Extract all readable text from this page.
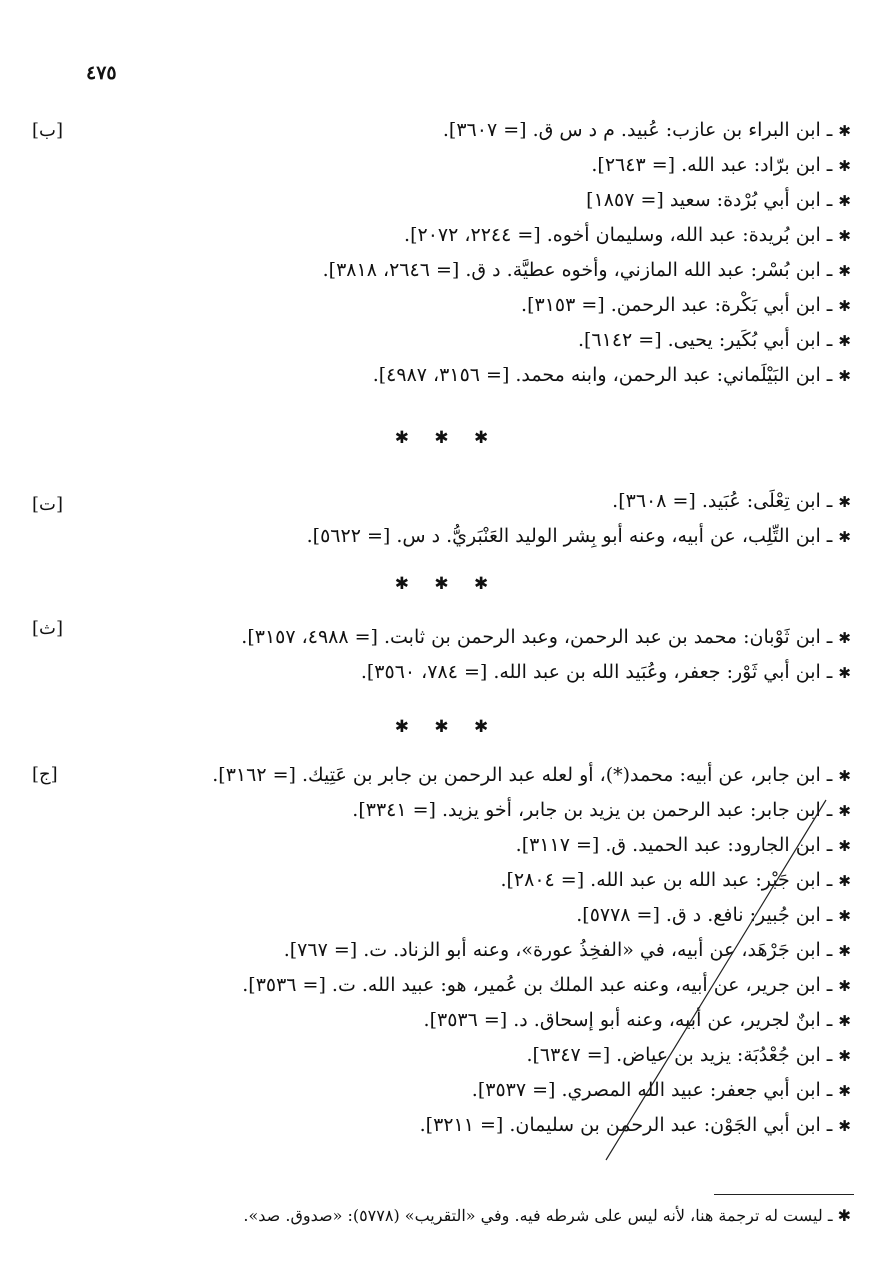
٤٧٥
[ب]	✱ ـ ابن البراء بن عازب: عُبيد. م د س ق. [= ٣٦٠٧].
✱ ـ ابن برّاد: عبد الله. [= ٢٦٤٣].
✱ ـ ابن أبي بُرْدة: سعيد [= ١٨٥٧]
✱ ـ ابن بُريدة: عبد الله، وسليمان أخوه. [= ٢٢٤٤، ٢٠٧٢].
✱ ـ ابن بُسْر: عبد الله المازني، وأخوه عطيَّة. د ق. [= ٢٦٤٦، ٣٨١٨].
✱ ـ ابن أبي بَكْرة: عبد الرحمن. [= ٣١٥٣].
✱ ـ ابن أبي بُكَير: يحيى. [= ٦١٤٢].
✱ ـ ابن البَيْلَماني: عبد الرحمن، وابنه محمد. [= ٣١٥٦، ٤٩٨٧].
✱ ✱ ✱
[ت]	✱ ـ ابن تِعْلَى: عُبَيد. [= ٣٦٠٨].
✱ ـ ابن التِّلِب، عن أبيه، وعنه أبو بِشر الوليد العَنْبَريُّ. د س. [= ٥٦٢٢].
✱ ✱ ✱
[ث]	✱ ـ ابن ثَوْبان: محمد بن عبد الرحمن، وعبد الرحمن بن ثابت. [= ٤٩٨٨، ٣١٥٧].
✱ ـ ابن أبي ثَوْر: جعفر، وعُبَيد الله بن عبد الله. [= ٧٨٤، ٣٥٦٠].
✱ ✱ ✱
[ج]	✱ ـ ابن جابر، عن أبيه: محمد(*)، أو لعله عبد الرحمن بن جابر بن عَتِيك. [= ٣١٦٢].
✱ ـ ابن جابر: عبد الرحمن بن يزيد بن جابر، أخو يزيد. [= ٣٣٤١].
✱ ـ ابن الجارود: عبد الحميد. ق. [= ٣١١٧].
✱ ـ ابن جَبْر: عبد الله بن عبد الله. [= ٢٨٠٤].
✱ ـ ابن جُبير: نافع. د ق. [= ٥٧٧٨].
✱ ـ ابن جَرْهَد، عن أبيه، في «الفخِذُ عورة»، وعنه أبو الزناد. ت. [= ٧٦٧].
✱ ـ ابن جرير، عن أبيه، وعنه عبد الملك بن عُمير، هو: عبيد الله. ت. [= ٣٥٣٦].
✱ ـ ابنٌ لجرير، عن أبيه، وعنه أبو إسحاق. د. [= ٣٥٣٦].
✱ ـ ابن جُعْدُبَة: يزيد بن عياض. [= ٦٣٤٧].
✱ ـ ابن أبي جعفر: عبيد الله المصري. [= ٣٥٣٧].
✱ ـ ابن أبي الجَوْن: عبد الرحمن بن سليمان. [= ٣٢١١].
✱ ـ ليست له ترجمة هنا، لأنه ليس على شرطه فيه. وفي «التقريب» (٥٧٧٨): «صدوق. صد».
